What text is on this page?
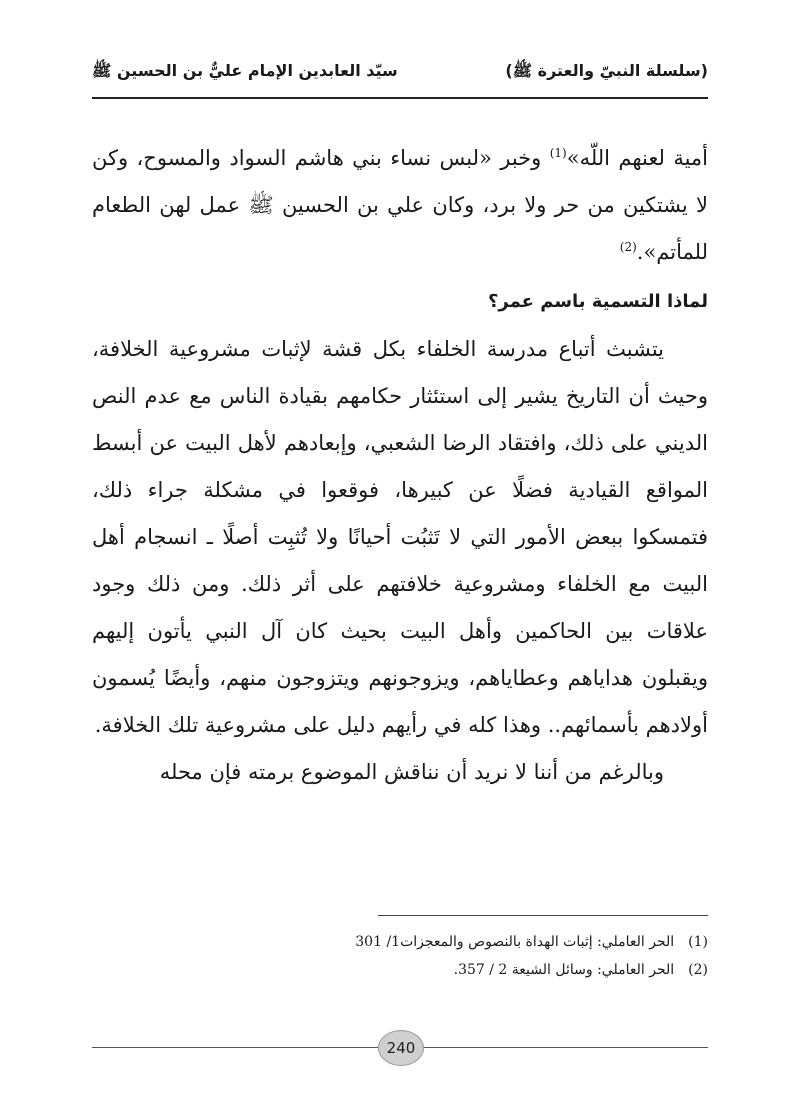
(سلسلة النبيّ والعترة ﷺ)
سيّد العابدين الإمام عليٌّ بن الحسين ﷺ

أمية لعنهم اللّه»$^{(1)}$ وخبر «لبس نساء بني هاشم السواد والمسوح، وكن لا يشتكين من حر ولا برد، وكان علي بن الحسين ﷺ عمل لهن الطعام للمأتم».$^{(2)}$

لماذا التسمية باسم عمر؟

يتشبث أتباع مدرسة الخلفاء بكل قشة لإثبات مشروعية الخلافة، وحيث أن التاريخ يشير إلى استئثار حكامهم بقيادة الناس مع عدم النص الديني على ذلك، وافتقاد الرضا الشعبي، وإبعادهم لأهل البيت عن أبسط المواقع القيادية فضلًا عن كبيرها، فوقعوا في مشكلة جراء ذلك، فتمسكوا ببعض الأمور التي لا تَثبُت أحيانًا ولا تُثبِت أصلًا ـ انسجام أهل البيت مع الخلفاء ومشروعية خلافتهم على أثر ذلك. ومن ذلك وجود علاقات بين الحاكمين وأهل البيت بحيث كان آل النبي يأتون إليهم ويقبلون هداياهم وعطاياهم، ويزوجونهم ويتزوجون منهم، وأيضًا يُسمون أولادهم بأسمائهم.. وهذا كله في رأيهم دليل على مشروعية تلك الخلافة.

وبالرغم من أننا لا نريد أن نناقش الموضوع برمته فإن محله

(1)الحر العاملي: إثبات الهداة بالنصوص والمعجزات1/ 301
(2)الحر العاملي: وسائل الشيعة 2 / 357.
240
